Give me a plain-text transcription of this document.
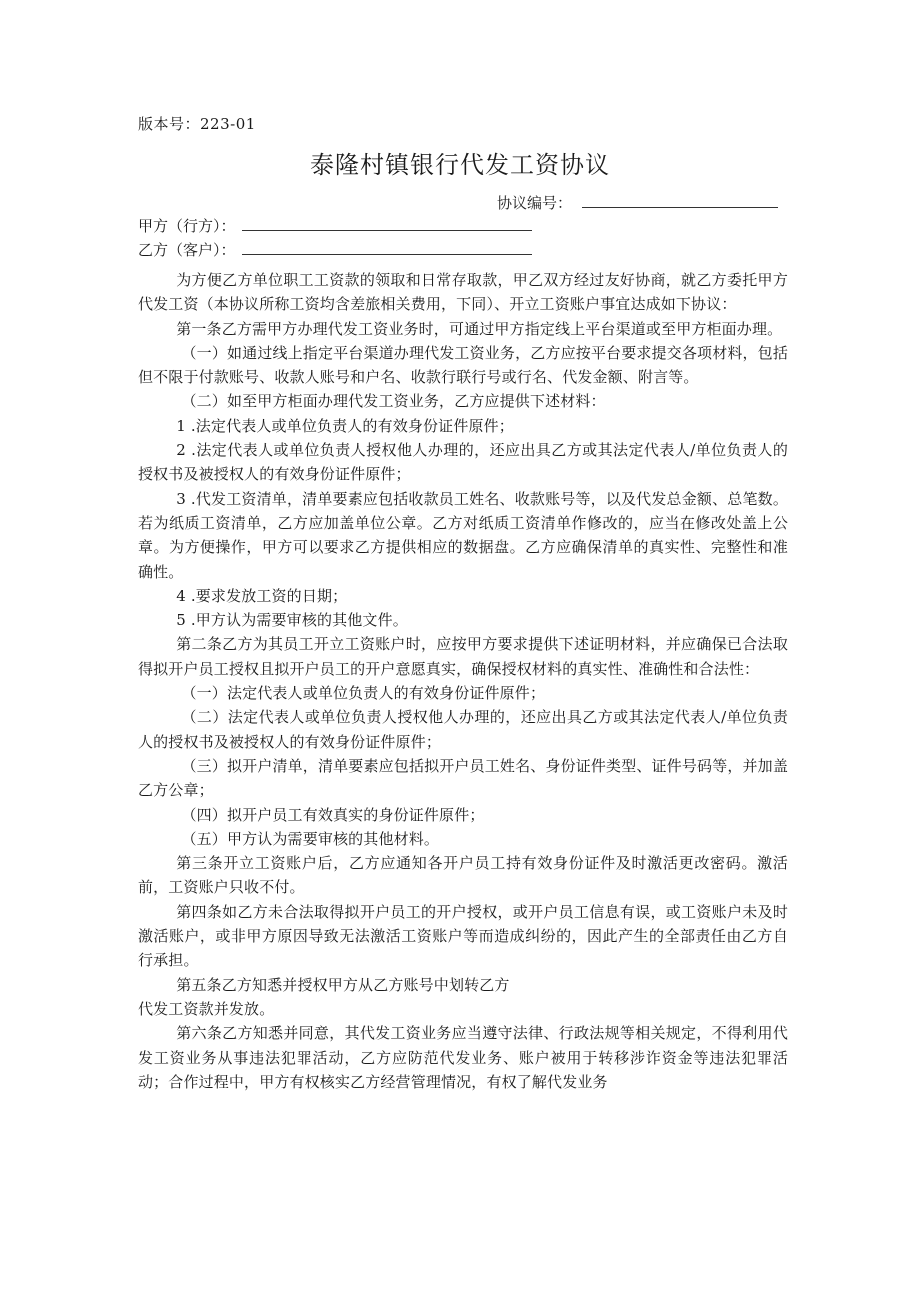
版本号：223-01
泰隆村镇银行代发工资协议
协议编号：
甲方（行方）：
乙方（客户）：

为方便乙方单位职工工资款的领取和日常存取款，甲乙双方经过友好协商，就乙方委托甲方代发工资（本协议所称工资均含差旅相关费用，下同）、开立工资账户事宜达成如下协议：

第一条乙方需甲方办理代发工资业务时，可通过甲方指定线上平台渠道或至甲方柜面办理。

（一）如通过线上指定平台渠道办理代发工资业务，乙方应按平台要求提交各项材料，包括但不限于付款账号、收款人账号和户名、收款行联行号或行名、代发金额、附言等。

（二）如至甲方柜面办理代发工资业务，乙方应提供下述材料：

1 .法定代表人或单位负责人的有效身份证件原件；

2 .法定代表人或单位负责人授权他人办理的，还应出具乙方或其法定代表人/单位负责人的授权书及被授权人的有效身份证件原件；

3 .代发工资清单，清单要素应包括收款员工姓名、收款账号等，以及代发总金额、总笔数。若为纸质工资清单，乙方应加盖单位公章。乙方对纸质工资清单作修改的，应当在修改处盖上公章。为方便操作，甲方可以要求乙方提供相应的数据盘。乙方应确保清单的真实性、完整性和准确性。

4 .要求发放工资的日期；

5 .甲方认为需要审核的其他文件。

第二条乙方为其员工开立工资账户时，应按甲方要求提供下述证明材料，并应确保已合法取得拟开户员工授权且拟开户员工的开户意愿真实，确保授权材料的真实性、准确性和合法性：

（一）法定代表人或单位负责人的有效身份证件原件；

（二）法定代表人或单位负责人授权他人办理的，还应出具乙方或其法定代表人/单位负责人的授权书及被授权人的有效身份证件原件；

（三）拟开户清单，清单要素应包括拟开户员工姓名、身份证件类型、证件号码等，并加盖乙方公章；

（四）拟开户员工有效真实的身份证件原件；

（五）甲方认为需要审核的其他材料。

第三条开立工资账户后，乙方应通知各开户员工持有效身份证件及时激活更改密码。激活前，工资账户只收不付。

第四条如乙方未合法取得拟开户员工的开户授权，或开户员工信息有误，或工资账户未及时激活账户，或非甲方原因导致无法激活工资账户等而造成纠纷的，因此产生的全部责任由乙方自行承担。

第五条乙方知悉并授权甲方从乙方账号中划转乙方

代发工资款并发放。

第六条乙方知悉并同意，其代发工资业务应当遵守法律、行政法规等相关规定，不得利用代发工资业务从事违法犯罪活动，乙方应防范代发业务、账户被用于转移涉诈资金等违法犯罪活动；合作过程中，甲方有权核实乙方经营管理情况，有权了解代发业务
